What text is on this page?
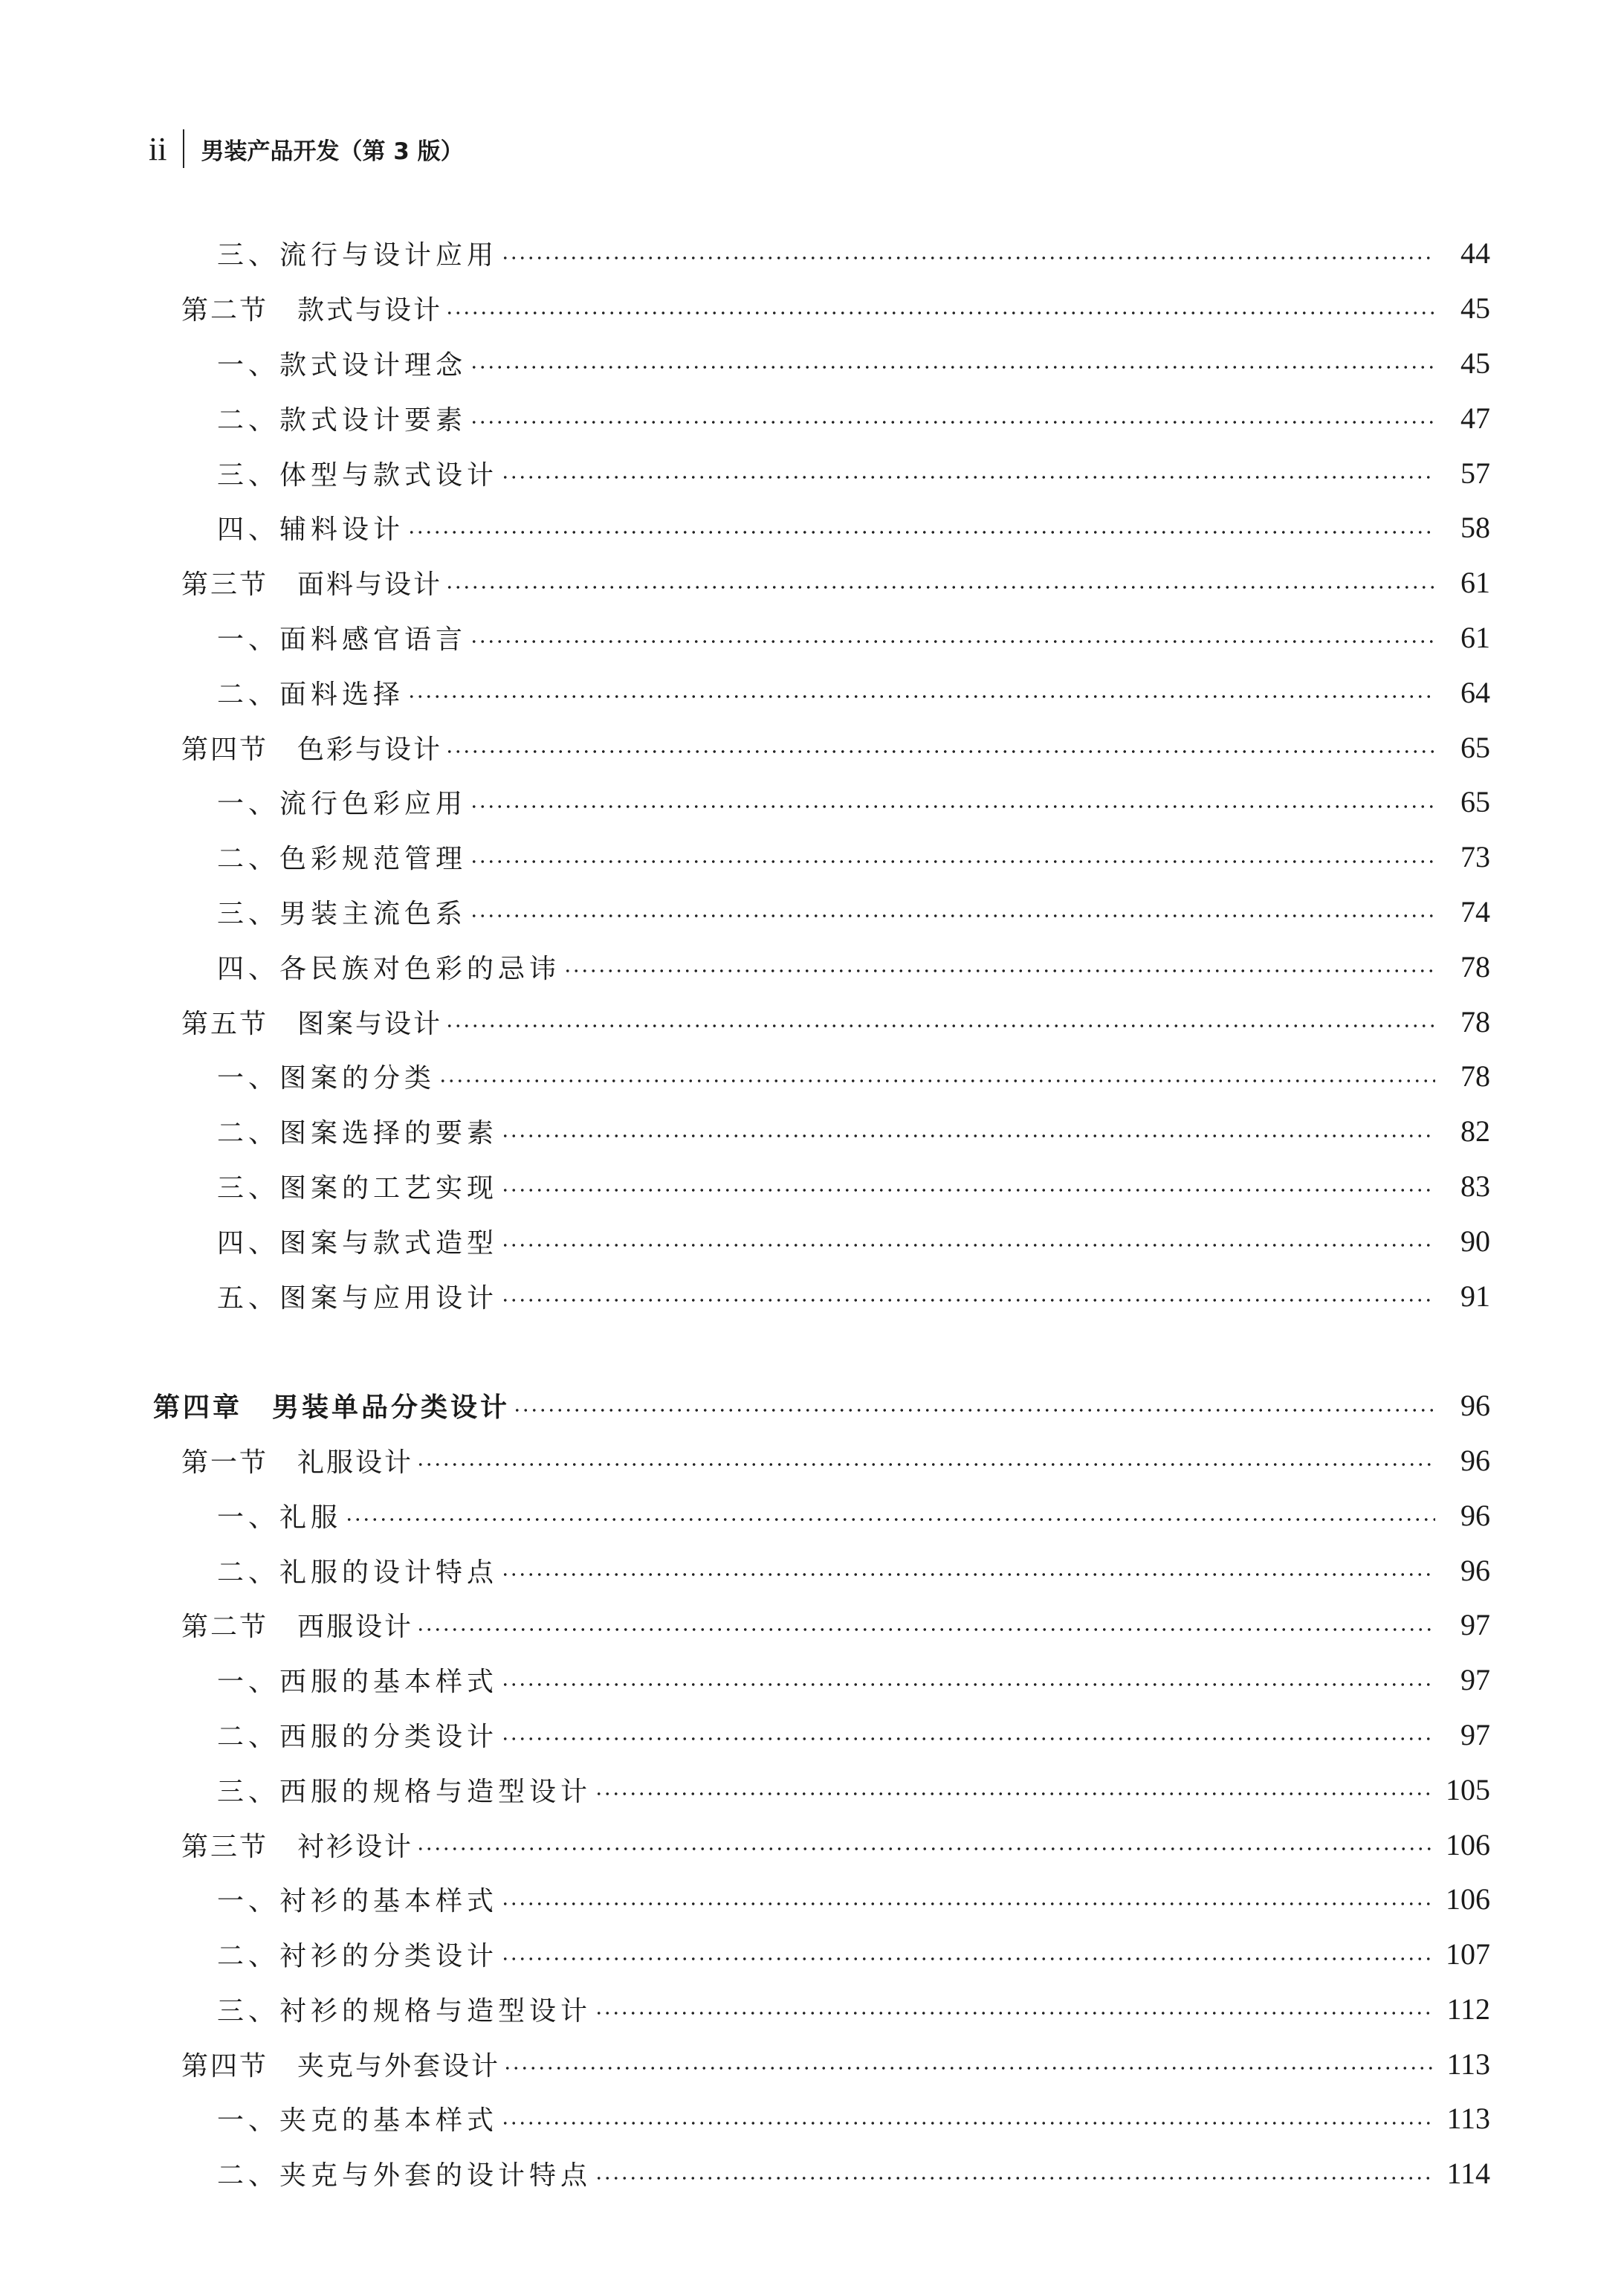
ii 男装产品开发（第 3 版）
三、流行与设计应用	44
第二节　款式与设计	45
一、款式设计理念	45
二、款式设计要素	47
三、体型与款式设计	57
四、辅料设计	58
第三节　面料与设计	61
一、面料感官语言	61
二、面料选择	64
第四节　色彩与设计	65
一、流行色彩应用	65
二、色彩规范管理	73
三、男装主流色系	74
四、各民族对色彩的忌讳	78
第五节　图案与设计	78
一、图案的分类	78
二、图案选择的要素	82
三、图案的工艺实现	83
四、图案与款式造型	90
五、图案与应用设计	91
第四章　男装单品分类设计	96
第一节　礼服设计	96
一、礼服	96
二、礼服的设计特点	96
第二节　西服设计	97
一、西服的基本样式	97
二、西服的分类设计	97
三、西服的规格与造型设计	105
第三节　衬衫设计	106
一、衬衫的基本样式	106
二、衬衫的分类设计	107
三、衬衫的规格与造型设计	112
第四节　夹克与外套设计	113
一、夹克的基本样式	113
二、夹克与外套的设计特点	114
